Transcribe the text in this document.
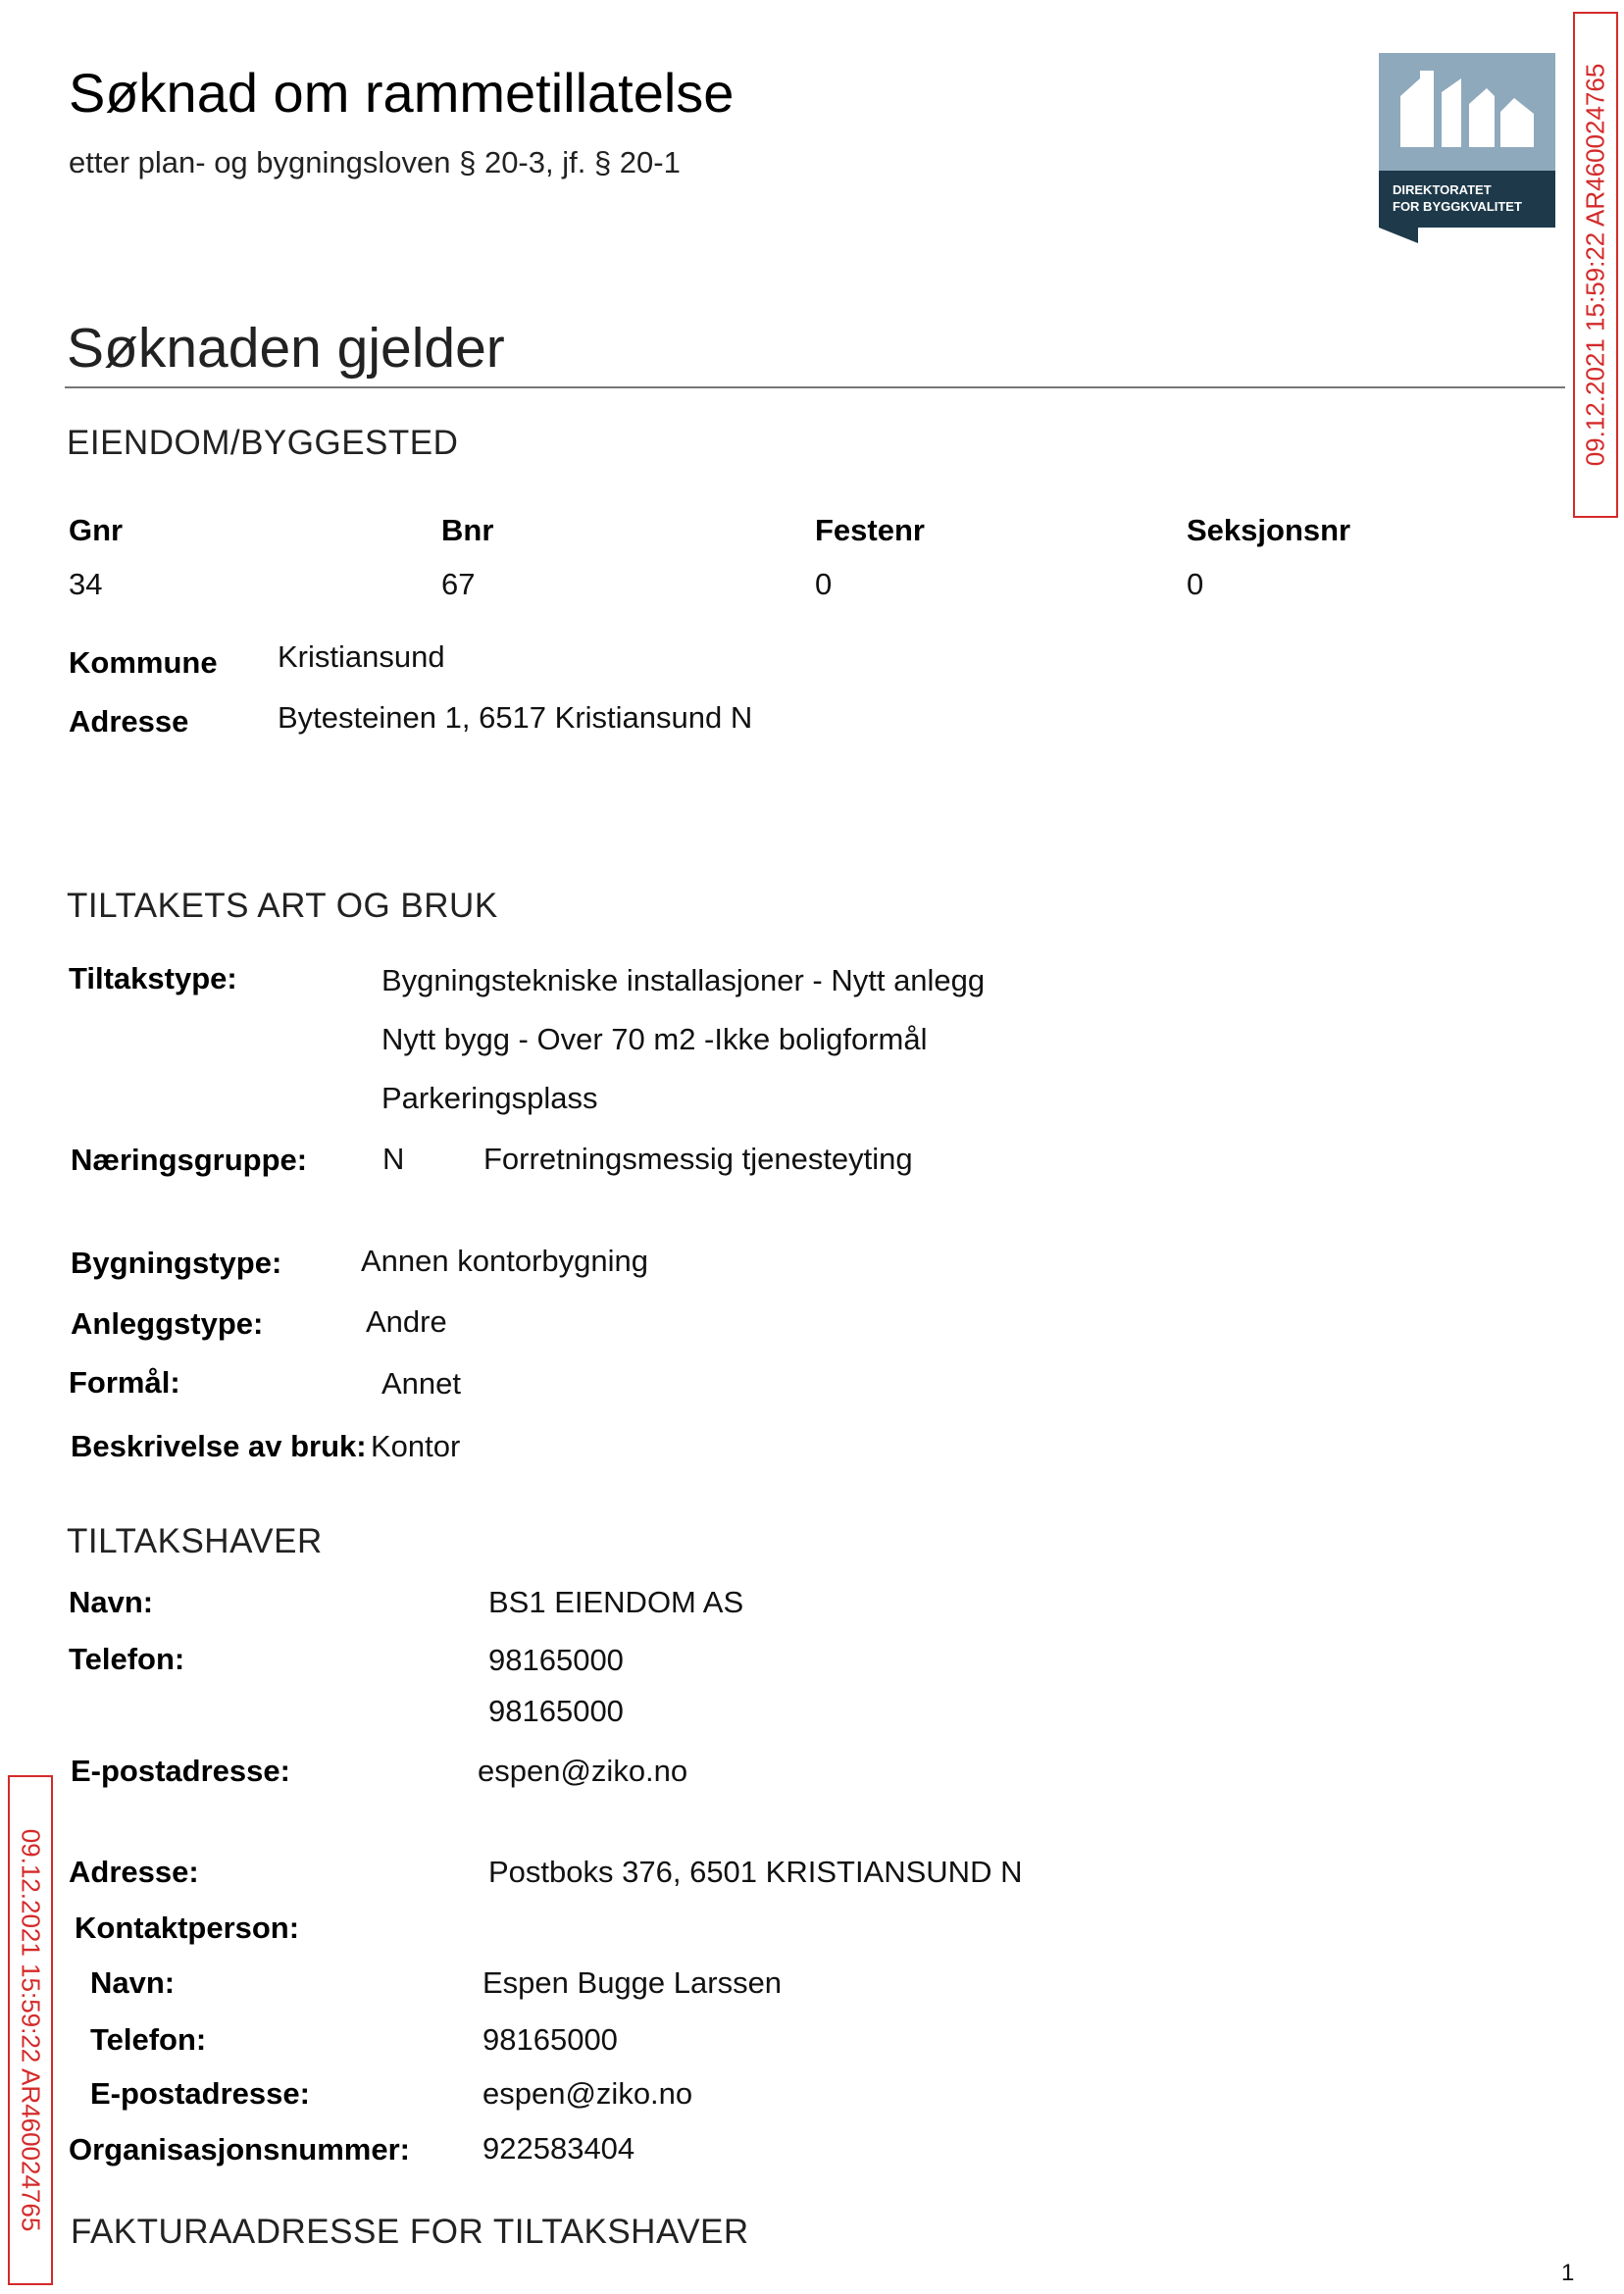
Søknad om rammetillatelse
etter plan- og bygningsloven § 20-3, jf. § 20-1
DIREKTORATET
FOR BYGGKVALITET 09.12.2021 15:59:22 AR460024765
09.12.2021 15:59:22 AR460024765
Søknaden gjelder
EIENDOM/BYGGESTED
Gnr	Bnr	Festenr	Seksjonsnr
34	67	0	0
Kommune Kristiansund
Adresse	Bytesteinen 1, 6517 Kristiansund N
TILTAKETS ART OG BRUK
Tiltakstype:	Bygningstekniske installasjoner - Nytt anlegg
Nytt bygg - Over 70 m2 -Ikke boligformål
Parkeringsplass
Næringsgruppe: N	Forretningsmessig tjenesteyting
Bygningstype:	Annen kontorbygning
Anleggstype:	Andre
Formål:	Annet
Beskrivelse av bruk: Kontor
TILTAKSHAVER
Navn:	BS1 EIENDOM AS
Telefon:	98165000
98165000
E-postadresse:	espen@ziko.no
Adresse:	Postboks 376, 6501 KRISTIANSUND N
Kontaktperson:
Navn:	Espen Bugge Larssen
Telefon:	98165000
E-postadresse:	espen@ziko.no
Organisasjonsnummer: 922583404
FAKTURAADRESSE FOR TILTAKSHAVER
1
